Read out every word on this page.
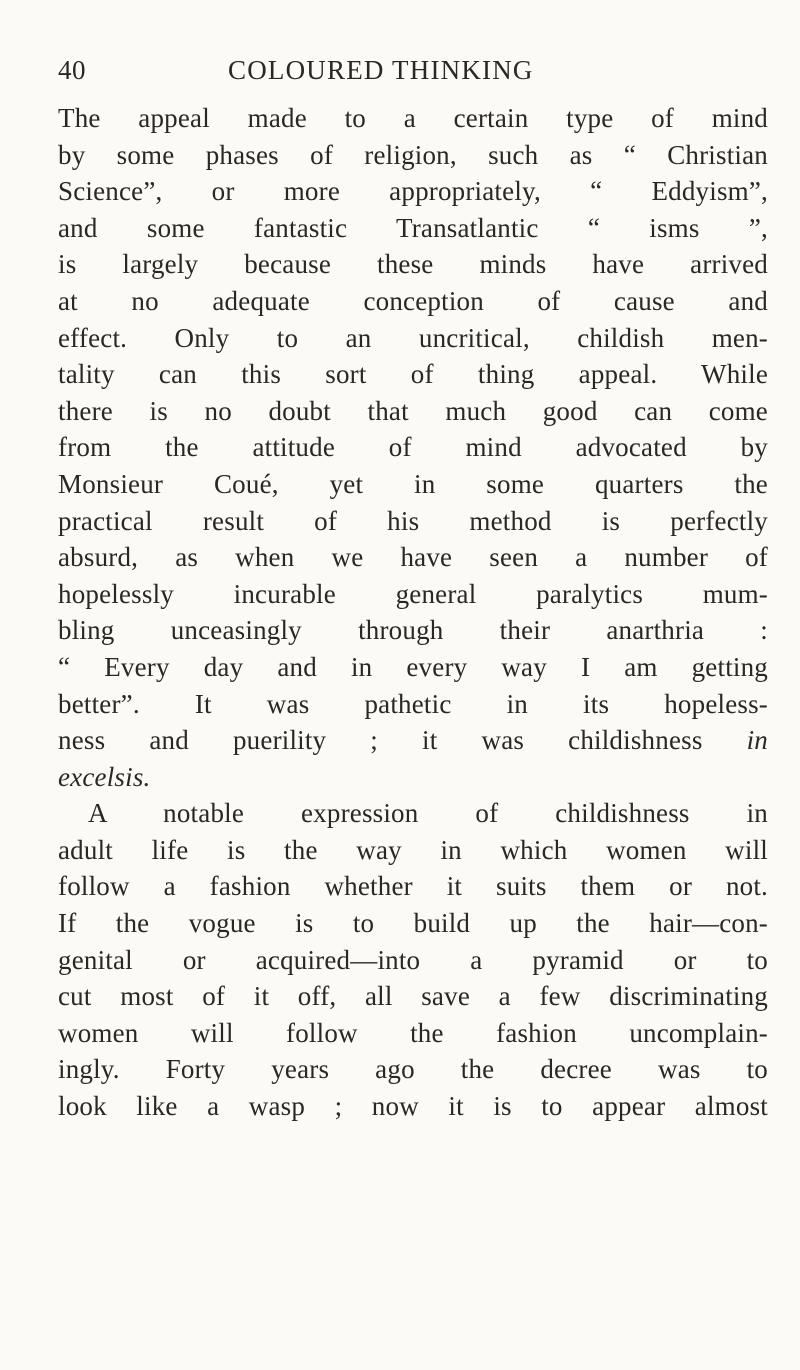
40	COLOURED THINKING
The appeal made to a certain type of mind
by some phases of religion, such as “ Christian
Science”, or more appropriately, “ Eddyism”,
and some fantastic Transatlantic “ isms ”,
is largely because these minds have arrived
at no adequate conception of cause and
effect. Only to an uncritical, childish men-
tality can this sort of thing appeal. While
there is no doubt that much good can come
from the attitude of mind advocated by
Monsieur Coué, yet in some quarters the
practical result of his method is perfectly
absurd, as when we have seen a number of
hopelessly incurable general paralytics mum-
bling unceasingly through their anarthria :
“ Every day and in every way I am getting
better”. It was pathetic in its hopeless-
ness and puerility ; it was childishness in
excelsis.
A notable expression of childishness in
adult life is the way in which women will
follow a fashion whether it suits them or not.
If the vogue is to build up the hair—con-
genital or acquired—into a pyramid or to
cut most of it off, all save a few discriminating
women will follow the fashion uncomplain-
ingly. Forty years ago the decree was to
look like a wasp ; now it is to appear almost
